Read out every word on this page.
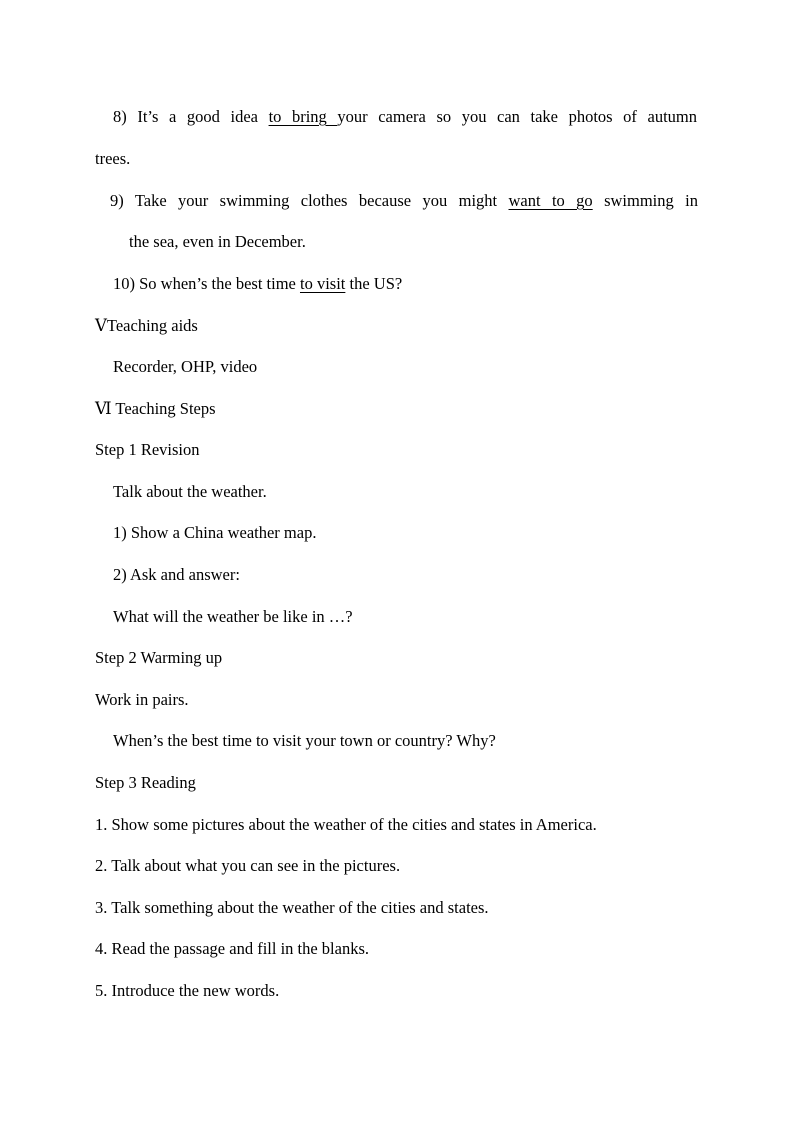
8) It’s a good idea to bring your camera so you can take photos of autumn
trees.
9) Take your swimming clothes because you might want to go swimming in
the sea, even in December.
10) So when’s the best time to visit the US?
ⅤTeaching aids
Recorder, OHP, video
Ⅵ Teaching Steps
Step 1 Revision
Talk about the weather.
1) Show a China weather map.
2) Ask and answer:
What will the weather be like in …?
Step 2 Warming up
Work in pairs.
When’s the best time to visit your town or country? Why?
Step 3 Reading
1. Show some pictures about the weather of the cities and states in America.
2. Talk about what you can see in the pictures.
3. Talk something about the weather of the cities and states.
4. Read the passage and fill in the blanks.
5. Introduce the new words.
